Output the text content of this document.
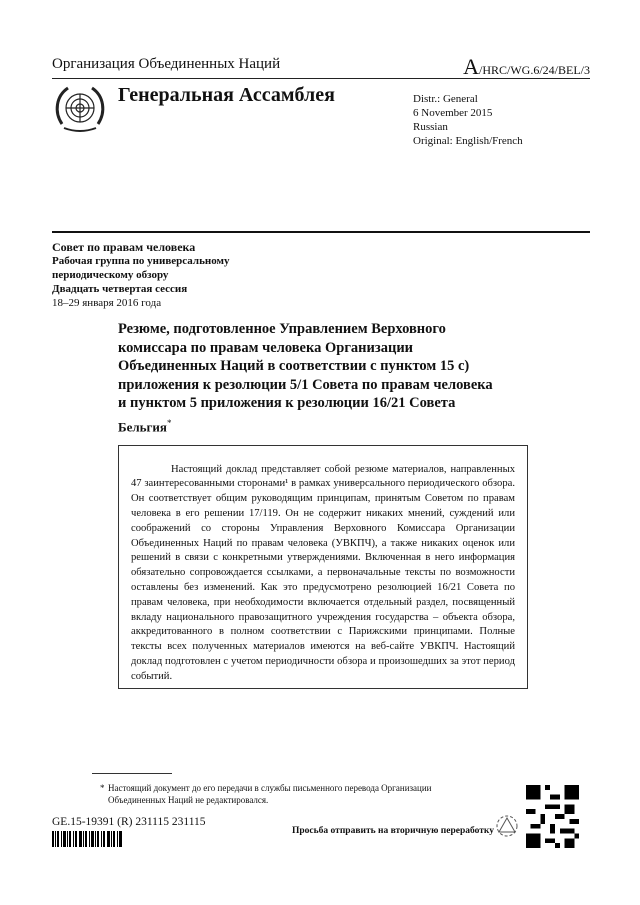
Организация Объединенных Наций	A/HRC/WG.6/24/BEL/3
Генеральная Ассамблея	Distr.: General
6 November 2015
Russian
Original: English/French
Совет по правам человека
Рабочая группа по универсальному
периодическому обзору
Двадцать четвертая сессия
18–29 января 2016 года
Резюме, подготовленное Управлением Верховного комиссара по правам человека Организации Объединенных Наций в соответствии с пунктом 15 с) приложения к резолюции 5/1 Совета по правам человека и пунктом 5 приложения к резолюции 16/21 Совета
Бельгия*

Настоящий доклад представляет собой резюме материалов, направленных 47 заинтересованными сторонами¹ в рамках универсального периодического обзора. Он соответствует общим руководящим принципам, принятым Советом по правам человека в его решении 17/119. Он не содержит никаких мнений, суждений или соображений со стороны Управления Верховного Комиссара Организации Объединенных Наций по правам человека (УВКПЧ), а также никаких оценок или решений в связи с конкретными утверждениями. Включенная в него информация обязательно сопровождается ссылками, а первоначальные тексты по возможности оставлены без изменений. Как это предусмотрено резолюцией 16/21 Совета по правам человека, при необходимости включается отдельный раздел, посвященный вкладу национального правозащитного учреждения государства – объекта обзора, аккредитованного в полном соответствии с Парижскими принципами. Полные тексты всех полученных материалов имеются на веб-сайте УВКПЧ. Настоящий доклад подготовлен с учетом периодичности обзора и произошедших за этот период событий.

* Настоящий документ до его передачи в службы письменного перевода Организации Объединенных Наций не редактировался.
GE.15-19391 (R) 231115 231115
Просьба отправить на вторичную переработку
